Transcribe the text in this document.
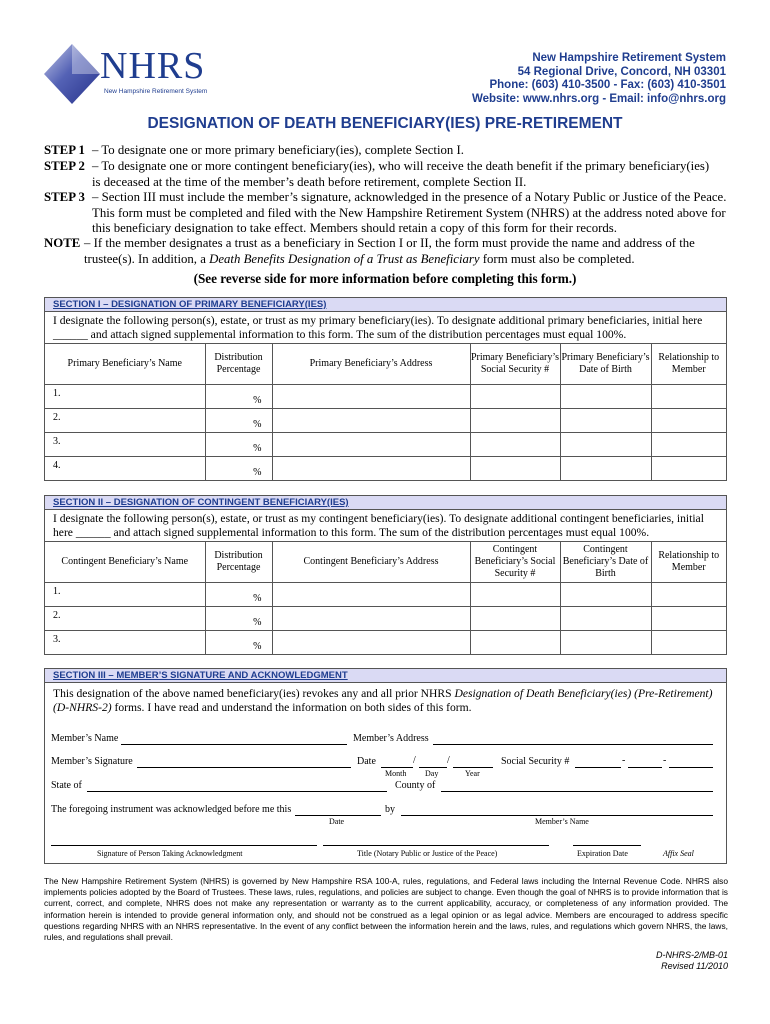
NHRS
New Hampshire Retirement System
New Hampshire Retirement System
54 Regional Drive, Concord, NH 03301
Phone: (603) 410-3500 - Fax: (603) 410-3501
Website: www.nhrs.org - Email: info@nhrs.org
DESIGNATION OF DEATH BENEFICIARY(IES) PRE-RETIREMENT
STEP 1 – To designate one or more primary beneficiary(ies), complete Section I.
STEP 2 – To designate one or more contingent beneficiary(ies), who will receive the death benefit if the primary beneficiary(ies) is deceased at the time of the member’s death before retirement, complete Section II.
STEP 3 – Section III must include the member’s signature, acknowledged in the presence of a Notary Public or Justice of the Peace. This form must be completed and filed with the New Hampshire Retirement System (NHRS) at the address noted above for this beneficiary designation to take effect. Members should retain a copy of this form for their records.
NOTE – If the member designates a trust as a beneficiary in Section I or II, the form must provide the name and address of the trustee(s). In addition, a Death Benefits Designation of a Trust as Beneficiary form must also be completed.
(See reverse side for more information before completing this form.)
SECTION I – DESIGNATION OF PRIMARY BENEFICIARY(IES)
I designate the following person(s), estate, or trust as my primary beneficiary(ies). To designate additional primary beneficiaries, initial here ______ and attach signed supplemental information to this form. The sum of the distribution percentages must equal 100%.
Primary Beneficiary’s Name	Distribution Percentage	Primary Beneficiary’s Address	Primary Beneficiary’s Social Security #	Primary Beneficiary’s Date of Birth	Relationship to Member

1.	%				

2.	%				

3.	%				

4.	%				

SECTION II – DESIGNATION OF CONTINGENT BENEFICIARY(IES)
I designate the following person(s), estate, or trust as my contingent beneficiary(ies). To designate additional contingent beneficiaries, initial here ______ and attach signed supplemental information to this form. The sum of the distribution percentages must equal 100%.
Contingent Beneficiary’s Name	Distribution Percentage	Contingent Beneficiary’s Address	Contingent Beneficiary’s Social Security #	Contingent Beneficiary’s Date of Birth	Relationship to Member

1.	%				

2.	%				

3.	%				

SECTION III – MEMBER’S SIGNATURE AND ACKNOWLEDGMENT
This designation of the above named beneficiary(ies) revokes any and all prior NHRS Designation of Death Beneficiary(ies) (Pre-Retirement) (D-NHRS-2) forms. I have read and understand the information on both sides of this form.
Member’s Name	Member’s Address
Member’s Signature	Date	/	/	Social Security #	-	-
Month Day	Year
State of	County of
The foregoing instrument was acknowledged before me this	by
Date	Member’s Name
Signature of Person Taking Acknowledgment	Title (Notary Public or Justice of the Peace)	Expiration Date	Affix Seal
The New Hampshire Retirement System (NHRS) is governed by New Hampshire RSA 100-A, rules, regulations, and Federal laws including the Internal Revenue Code. NHRS also implements policies adopted by the Board of Trustees. These laws, rules, regulations, and policies are subject to change. Even though the goal of NHRS is to provide information that is current, correct, and complete, NHRS does not make any representation or warranty as to the current applicability, accuracy, or completeness of any information provided. The information herein is intended to provide general information only, and should not be construed as a legal opinion or as legal advice. Members are encouraged to address specific questions regarding NHRS with an NHRS representative. In the event of any conflict between the information herein and the laws, rules, and regulations which govern NHRS, the laws, rules, and regulations shall prevail.
D-NHRS-2/MB-01
Revised 11/2010
